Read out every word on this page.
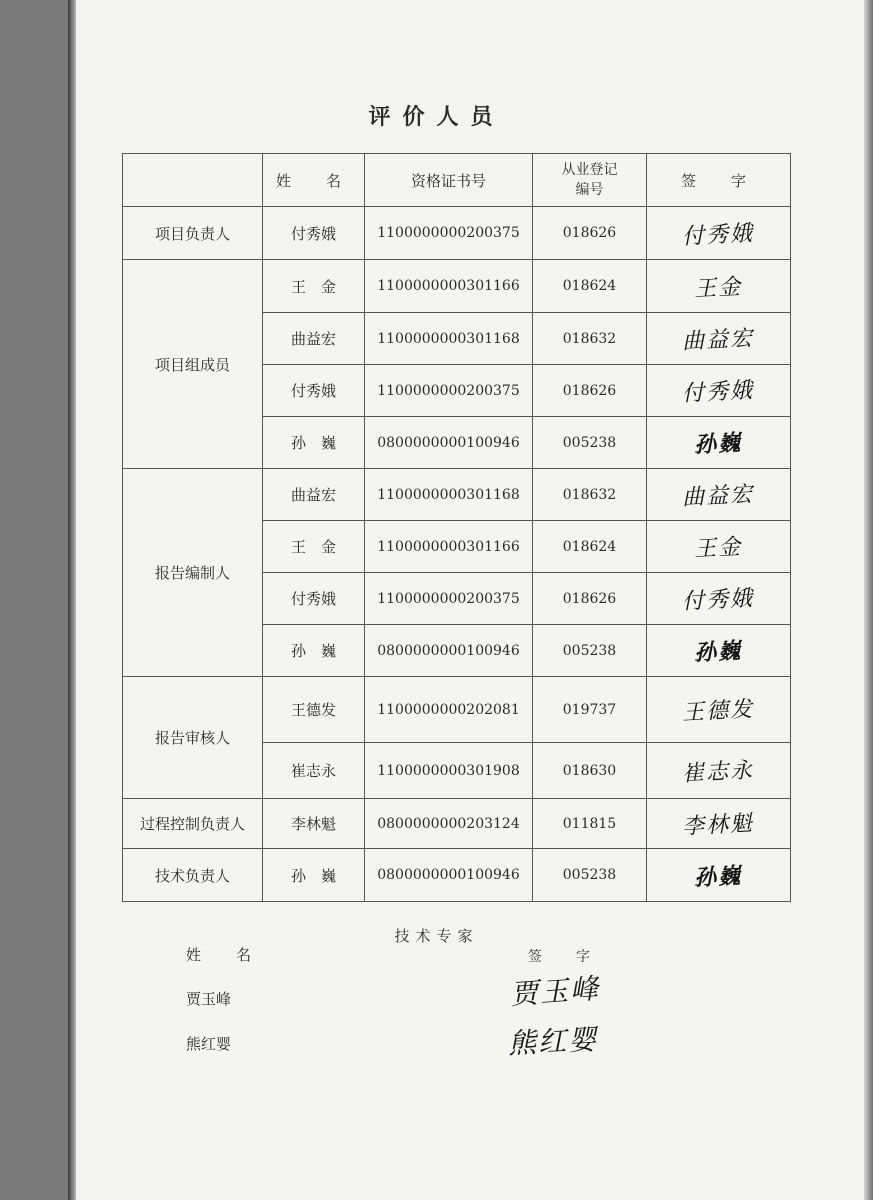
评价人员
	姓　名	资格证书号	从业登记编号	签　字
项目负责人	付秀娥	1100000000200375	018626	付秀娥
项目组成员	王　金	1100000000301166	018624	王金
	曲益宏	1100000000301168	018632	曲益宏
	付秀娥	1100000000200375	018626	付秀娥
	孙　巍	0800000000100946	005238	孙巍
报告编制人	曲益宏	1100000000301168	018632	曲益宏
	王　金	1100000000301166	018624	王金
	付秀娥	1100000000200375	018626	付秀娥
	孙　巍	0800000000100946	005238	孙巍
报告审核人	王德发	1100000000202081	019737	王德发
	崔志永	1100000000301908	018630	崔志永
过程控制负责人	李林魁	0800000000203124	011815	李林魁
技术负责人	孙　巍	0800000000100946	005238	孙巍
技术专家
姓　名	签　字
贾玉峰	贾玉峰
熊红婴	熊红婴
